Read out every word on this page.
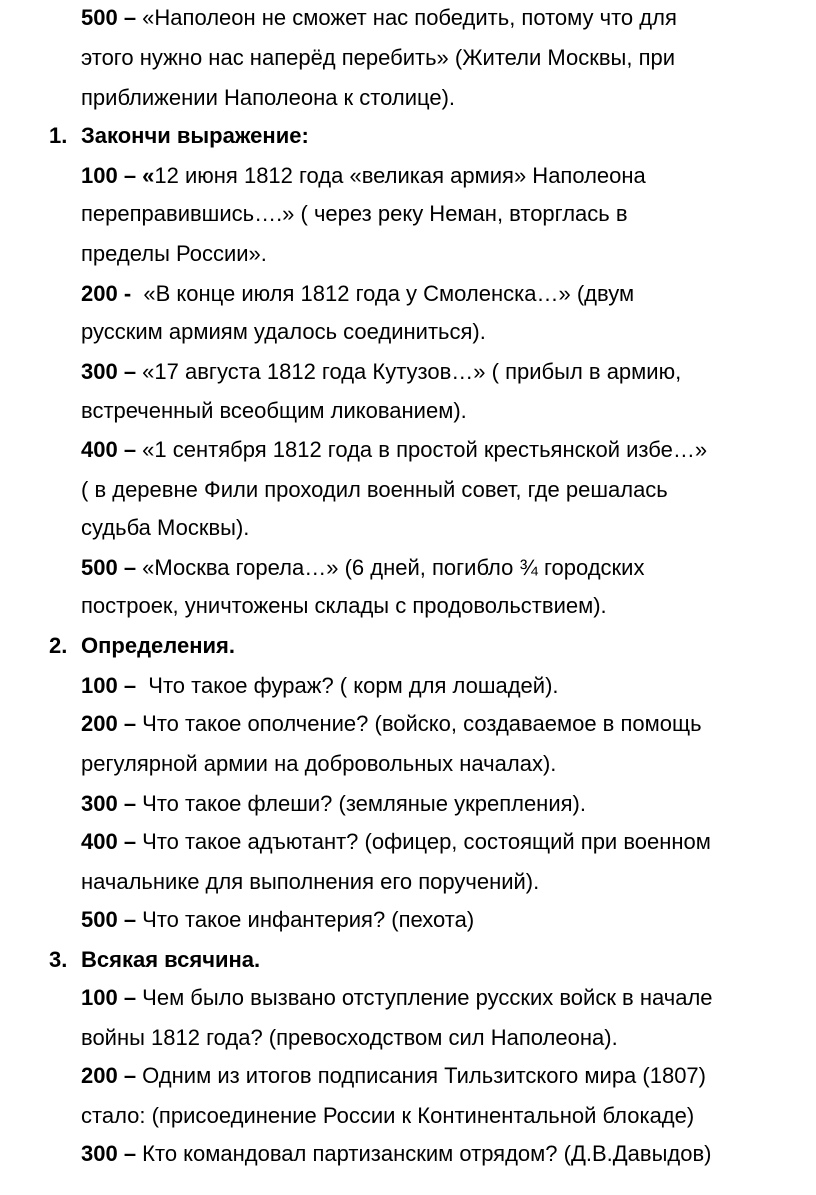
500 – «Наполеон не сможет нас победить, потому что для
этого нужно нас наперёд перебить» (Жители Москвы, при
приближении Наполеона к столице).
1. Закончи выражение:
100 – «12 июня 1812 года «великая армия» Наполеона
переправившись….» ( через реку Неман, вторглась в
пределы России».
200 -  «В конце июля 1812 года у Смоленска…» (двум
русским армиям удалось соединиться).
300 – «17 августа 1812 года Кутузов…» ( прибыл в армию,
встреченный всеобщим ликованием).
400 – «1 сентября 1812 года в простой крестьянской избе…»
( в деревне Фили проходил военный совет, где решалась
судьба Москвы).
500 – «Москва горела…» (6 дней, погибло ¾ городских
построек, уничтожены склады с продовольствием).
2. Определения.
100 –  Что такое фураж? ( корм для лошадей).
200 – Что такое ополчение? (войско, создаваемое в помощь
регулярной армии на добровольных началах).
300 – Что такое флеши? (земляные укрепления).
400 – Что такое адъютант? (офицер, состоящий при военном
начальнике для выполнения его поручений).
500 – Что такое инфантерия? (пехота)
3. Всякая всячина.
100 – Чем было вызвано отступление русских войск в начале
войны 1812 года? (превосходством сил Наполеона).
200 – Одним из итогов подписания Тильзитского мира (1807)
стало: (присоединение России к Континентальной блокаде)
300 – Кто командовал партизанским отрядом? (Д.В.Давыдов)
